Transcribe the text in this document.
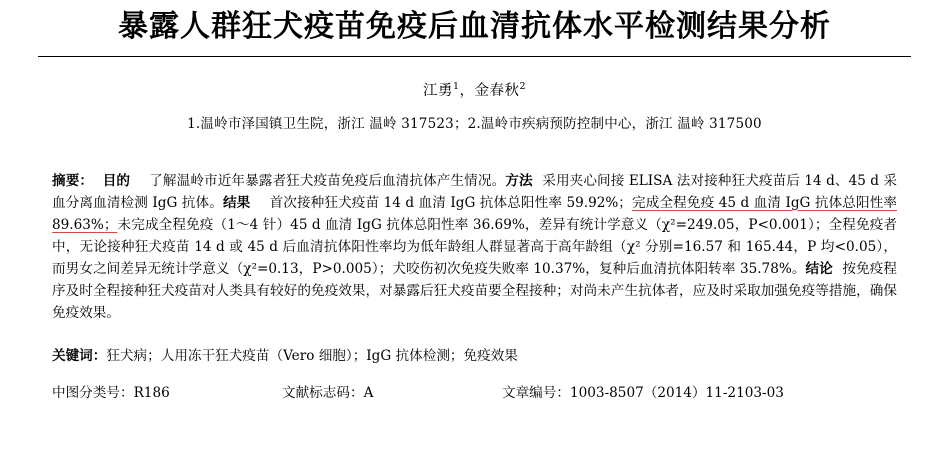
暴露人群狂犬疫苗免疫后血清抗体水平检测结果分析
江勇$^1$，金春秋$^2$
1.温岭市泽国镇卫生院，浙江 温岭 317523；2.温岭市疾病预防控制中心，浙江 温岭 317500

摘要： 目的 了解温岭市近年暴露者狂犬疫苗免疫后血清抗体产生情况。方法 采用夹心间接 ELISA 法对接种狂犬疫苗后 14 d、45 d 采血分离血清检测 IgG 抗体。结果 首次接种狂犬疫苗 14 d 血清 IgG 抗体总阳性率 59.92%；完成全程免疫 45 d 血清 IgG 抗体总阳性率 89.63%；未完成全程免疫（1～4 针）45 d 血清 IgG 抗体总阳性率 36.69%，差异有统计学意义（χ²=249.05，P<0.001）；全程免疫者中，无论接种狂犬疫苗 14 d 或 45 d 后血清抗体阳性率均为低年龄组人群显著高于高年龄组（χ² 分别=16.57 和 165.44，P 均<0.05），而男女之间差异无统计学意义（χ²=0.13，P>0.005）；犬咬伤初次免疫失败率 10.37%，复种后血清抗体阳转率 35.78%。结论 按免疫程序及时全程接种狂犬疫苗对人类具有较好的免疫效果，对暴露后狂犬疫苗要全程接种；对尚未产生抗体者，应及时采取加强免疫等措施，确保免疫效果。

关键词：狂犬病；人用冻干狂犬疫苗（Vero 细胞）；IgG 抗体检测；免疫效果
中图分类号：R186	文献标志码：A	文章编号：1003-8507（2014）11-2103-03
